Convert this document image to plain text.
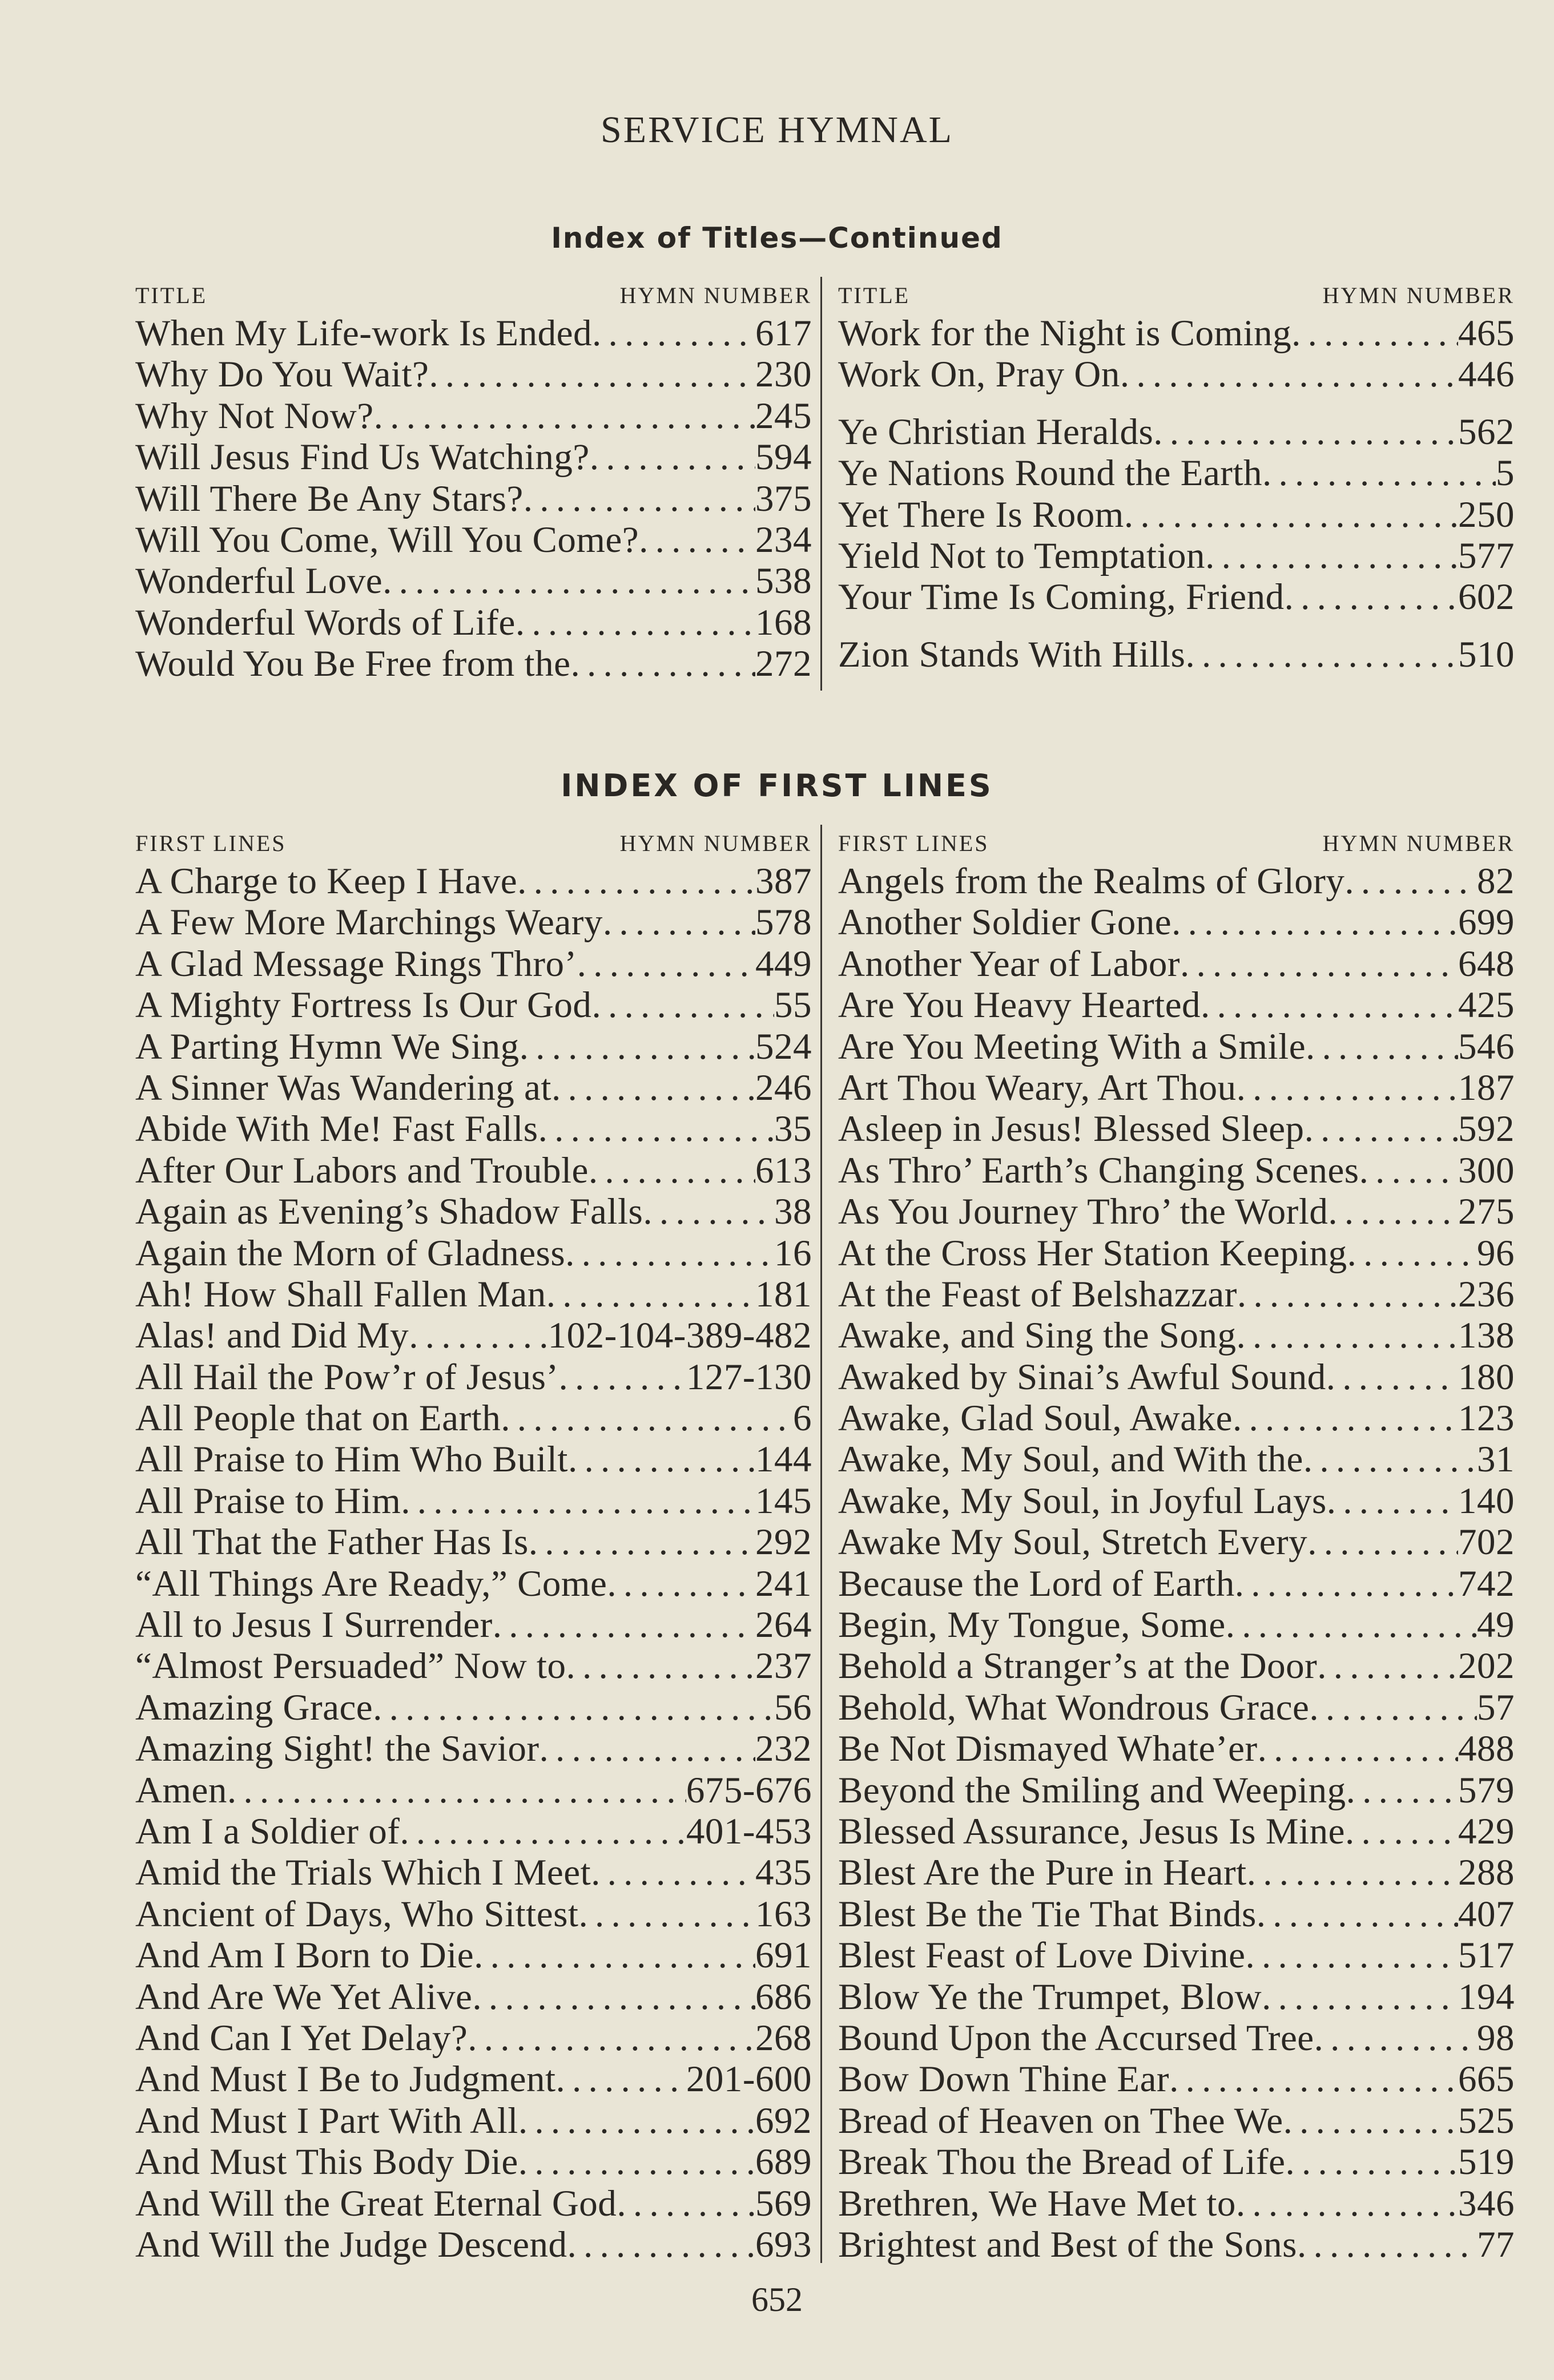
SERVICE HYMNAL
Index of Titles—Continued
TITLE	HYMN NUMBER
When My Life-work Is Ended . . .	617
Why Do You Wait? . . .	230
Why Not Now? . . .	245
Will Jesus Find Us Watching? . . .	594
Will There Be Any Stars? . . .	375
Will You Come, Will You Come? . . .	234
Wonderful Love . . .	538
Wonderful Words of Life . . .	168
Would You Be Free from the . . .	272
TITLE	HYMN NUMBER
Work for the Night is Coming . . .	465
Work On, Pray On . . .	446
Ye Christian Heralds . . .	562
Ye Nations Round the Earth . . .	5
Yet There Is Room . . .	250
Yield Not to Temptation . . .	577
Your Time Is Coming, Friend . . .	602
Zion Stands With Hills . . .	510
INDEX OF FIRST LINES
FIRST LINES	HYMN NUMBER
A Charge to Keep I Have . . .	387
A Few More Marchings Weary . . .	578
A Glad Message Rings Thro’ . . .	449
A Mighty Fortress Is Our God . . .	55
A Parting Hymn We Sing . . .	524
A Sinner Was Wandering at . . .	246
Abide With Me! Fast Falls . . .	35
After Our Labors and Trouble . . .	613
Again as Evening’s Shadow Falls . . .	38
Again the Morn of Gladness . . .	16
Ah! How Shall Fallen Man . . .	181
Alas! and Did My . . .	102-104-389-482
All Hail the Pow’r of Jesus’ . . .	127-130
All People that on Earth . . .	6
All Praise to Him Who Built . . .	144
All Praise to Him . . .	145
All That the Father Has Is . . .	292
“All Things Are Ready,” Come . . .	241
All to Jesus I Surrender . . .	264
“Almost Persuaded” Now to . . .	237
Amazing Grace . . .	56
Amazing Sight! the Savior . . .	232
Amen . . .	675-676
Am I a Soldier of . . .	401-453
Amid the Trials Which I Meet . . .	435
Ancient of Days, Who Sittest . . .	163
And Am I Born to Die . . .	691
And Are We Yet Alive . . .	686
And Can I Yet Delay? . . .	268
And Must I Be to Judgment . . .	201-600
And Must I Part With All . . .	692
And Must This Body Die . . .	689
And Will the Great Eternal God . . .	569
And Will the Judge Descend . . .	693
FIRST LINES	HYMN NUMBER
Angels from the Realms of Glory . . .	82
Another Soldier Gone . . .	699
Another Year of Labor . . .	648
Are You Heavy Hearted . . .	425
Are You Meeting With a Smile . . .	546
Art Thou Weary, Art Thou . . .	187
Asleep in Jesus! Blessed Sleep . . .	592
As Thro’ Earth’s Changing Scenes . . .	300
As You Journey Thro’ the World . . .	275
At the Cross Her Station Keeping . . .	96
At the Feast of Belshazzar . . .	236
Awake, and Sing the Song . . .	138
Awaked by Sinai’s Awful Sound . . .	180
Awake, Glad Soul, Awake . . .	123
Awake, My Soul, and With the . . .	31
Awake, My Soul, in Joyful Lays . . .	140
Awake My Soul, Stretch Every . . .	702
Because the Lord of Earth . . .	742
Begin, My Tongue, Some . . .	49
Behold a Stranger’s at the Door . . .	202
Behold, What Wondrous Grace . . .	57
Be Not Dismayed Whate’er . . .	488
Beyond the Smiling and Weeping . . .	579
Blessed Assurance, Jesus Is Mine . . .	429
Blest Are the Pure in Heart . . .	288
Blest Be the Tie That Binds . . .	407
Blest Feast of Love Divine . . .	517
Blow Ye the Trumpet, Blow . . .	194
Bound Upon the Accursed Tree . . .	98
Bow Down Thine Ear . . .	665
Bread of Heaven on Thee We . . .	525
Break Thou the Bread of Life . . .	519
Brethren, We Have Met to . . .	346
Brightest and Best of the Sons . . .	77
652
